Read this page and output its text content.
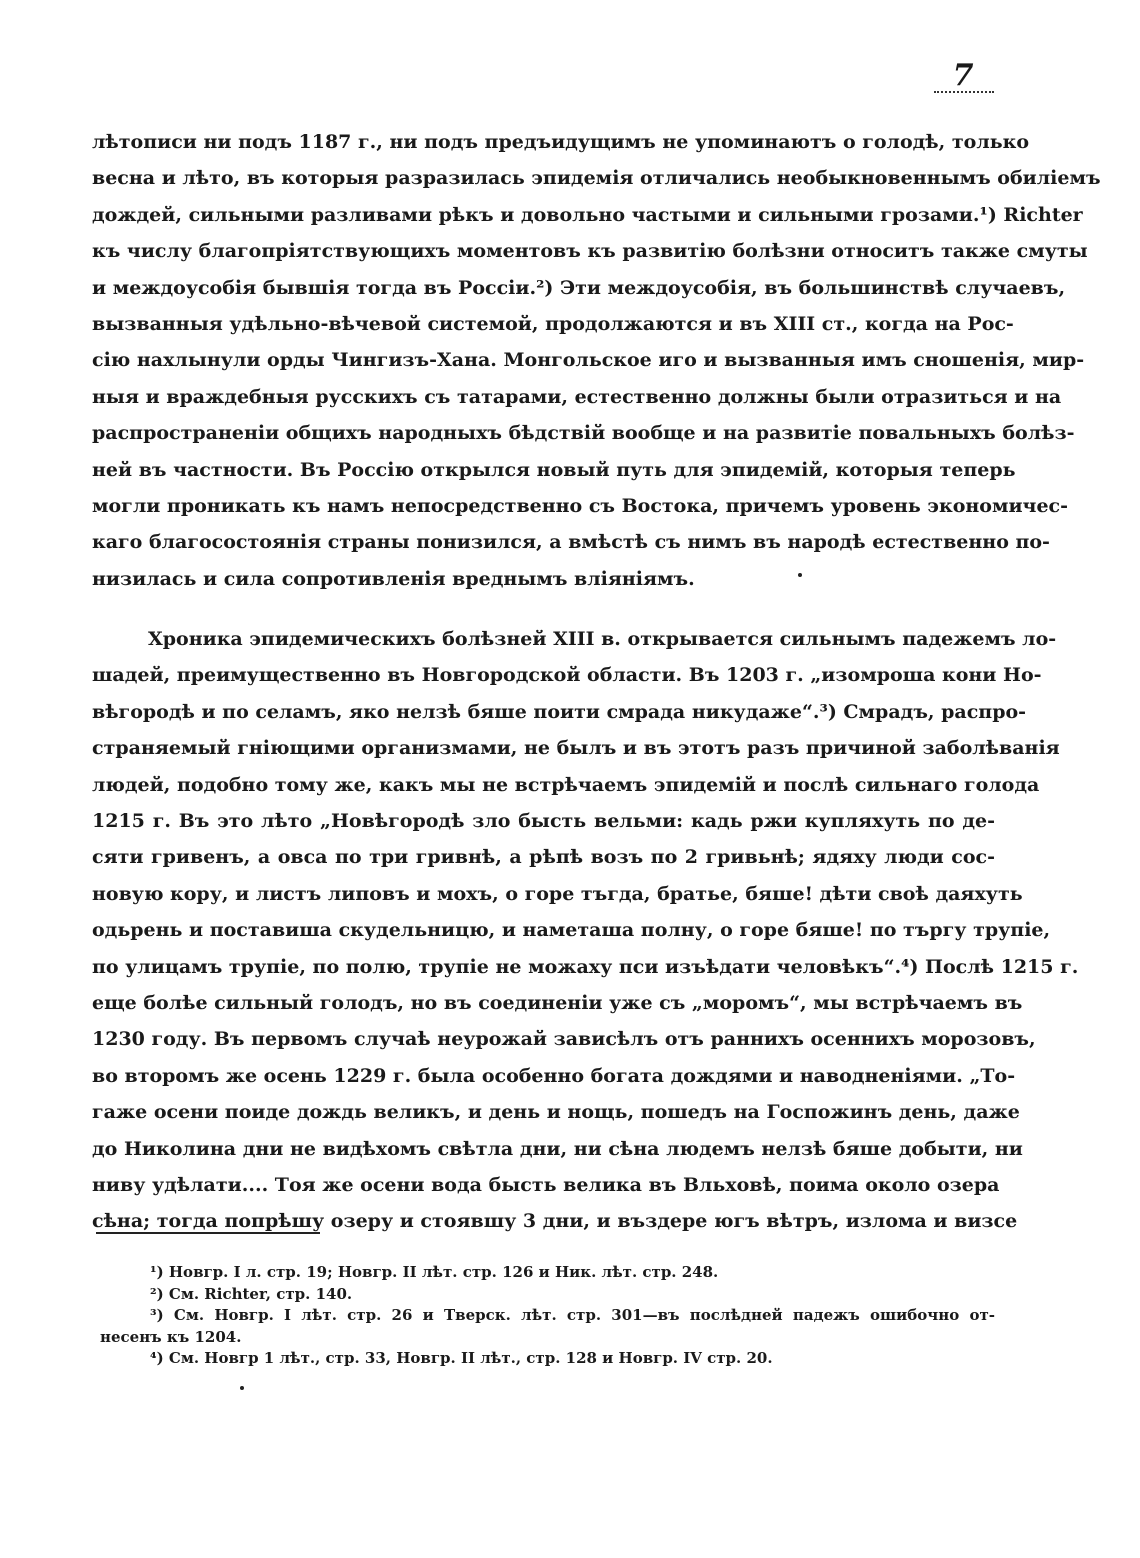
7

лѣтописи ни подъ 1187 г., ни подъ предъидущимъ не упоминаютъ о голодѣ, только
весна и лѣто, въ которыя разразилась эпидемія отличались необыкновеннымъ обиліемъ
дождей, сильными разливами рѣкъ и довольно частыми и сильными грозами.¹) Richter
къ числу благопріятствующихъ моментовъ къ развитію болѣзни относитъ также смуты
и междоусобія бывшія тогда въ Россіи.²) Эти междоусобія, въ большинствѣ случаевъ,
вызванныя удѣльно-вѣчевой системой, продолжаются и въ XIII ст., когда на Рос-
сію нахлынули орды Чингизъ-Хана. Монгольское иго и вызванныя имъ сношенія, мир-
ныя и враждебныя русскихъ съ татарами, естественно должны были отразиться и на
распространеніи общихъ народныхъ бѣдствій вообще и на развитіе повальныхъ болѣз-
ней въ частности. Въ Россію открылся новый путь для эпидемій, которыя теперь
могли проникать къ намъ непосредственно съ Востока, причемъ уровень экономичес-
каго благосостоянія страны понизился, а вмѣстѣ съ нимъ въ народѣ естественно по-
низилась и сила сопротивленія вреднымъ вліяніямъ.

Хроника эпидемическихъ болѣзней XIII в. открывается сильнымъ падежемъ ло-
шадей, преимущественно въ Новгородской области. Въ 1203 г. „изомроша кони Но-
вѣгородѣ и по селамъ, яко нелзѣ бяше поити смрада никудаже“.³) Смрадъ, распро-
страняемый гніющими организмами, не былъ и въ этотъ разъ причиной заболѣванія
людей, подобно тому же, какъ мы не встрѣчаемъ эпидемій и послѣ сильнаго голода
1215 г. Въ это лѣто „Новѣгородѣ зло бысть вельми: кадь ржи купляхуть по де-
сяти гривенъ, а овса по три гривнѣ, а рѣпѣ возъ по 2 гривьнѣ; ядяху люди сос-
новую кору, и листъ липовъ и мохъ, о горе тъгда, братье, бяше! дѣти своѣ даяхуть
одьрень и поставиша скудельницю, и наметаша полну, о горе бяше! по търгу трупіе,
по улицамъ трупіе, по полю, трупіе не можаху пси изъѣдати человѣкъ“.⁴) Послѣ 1215 г.
еще болѣе сильный голодъ, но въ соединеніи уже съ „моромъ“, мы встрѣчаемъ въ
1230 году. Въ первомъ случаѣ неурожай зависѣлъ отъ раннихъ осеннихъ морозовъ,
во второмъ же осень 1229 г. была особенно богата дождями и наводненіями. „То-
гаже осени поиде дождь великъ, и день и нощь, пошедъ на Госпожинъ день, даже
до Николина дни не видѣхомъ свѣтла дни, ни сѣна людемъ нелзѣ бяше добыти, ни
ниву удѣлати.... Тоя же осени вода бысть велика въ Вльховѣ, поима около озера
сѣна; тогда попрѣшу озеру и стоявшу 3 дни, и въздере югъ вѣтръ, излома и визсе

¹) Новгр. I л. стр. 19; Новгр. II лѣт. стр. 126 и Ник. лѣт. стр. 248.
²) См. Richter, стр. 140.
³) См. Новгр. I лѣт. стр. 26 и Тверск. лѣт. стр. 301—въ послѣдней падежъ ошибочно от-
несенъ къ 1204.
⁴) См. Новгр 1 лѣт., стр. 33, Новгр. II лѣт., стр. 128 и Новгр. IV стр. 20.
